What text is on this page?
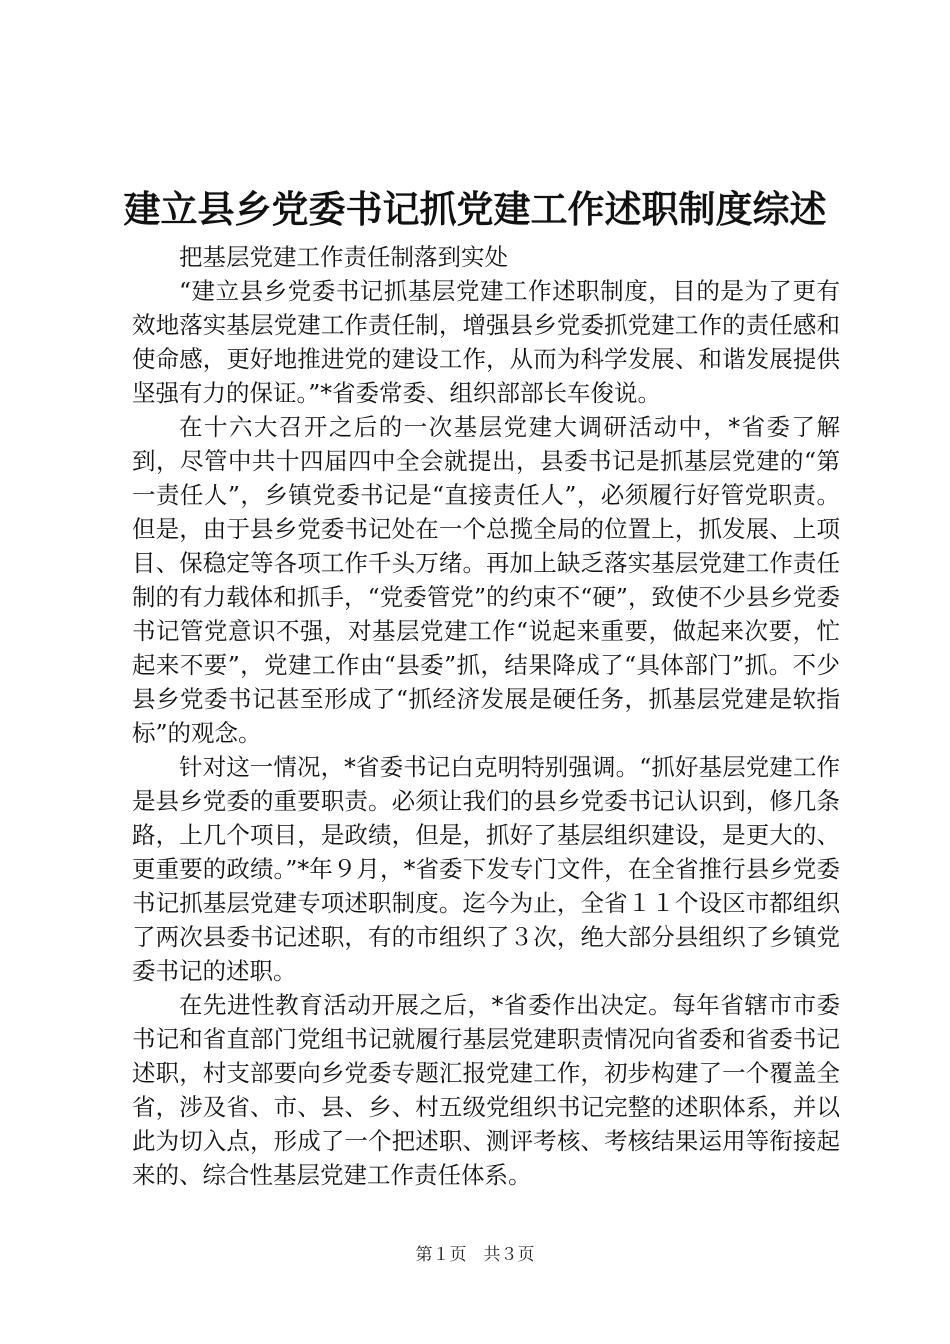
建立县乡党委书记抓党建工作述职制度综述

把基层党建工作责任制落到实处

“建立县乡党委书记抓基层党建工作述职制度，目的是为了更有效地落实基层党建工作责任制，增强县乡党委抓党建工作的责任感和使命感，更好地推进党的建设工作，从而为科学发展、和谐发展提供坚强有力的保证。”*省委常委、组织部部长车俊说。

在十六大召开之后的一次基层党建大调研活动中，*省委了解到，尽管中共十四届四中全会就提出，县委书记是抓基层党建的“第一责任人”，乡镇党委书记是“直接责任人”，必须履行好管党职责。但是，由于县乡党委书记处在一个总揽全局的位置上，抓发展、上项目、保稳定等各项工作千头万绪。再加上缺乏落实基层党建工作责任制的有力载体和抓手，“党委管党”的约束不“硬”，致使不少县乡党委书记管党意识不强，对基层党建工作“说起来重要，做起来次要，忙起来不要”，党建工作由“县委”抓，结果降成了“具体部门”抓。不少县乡党委书记甚至形成了“抓经济发展是硬任务，抓基层党建是软指标”的观念。

针对这一情况，*省委书记白克明特别强调。“抓好基层党建工作是县乡党委的重要职责。必须让我们的县乡党委书记认识到，修几条路，上几个项目，是政绩，但是，抓好了基层组织建设，是更大的、更重要的政绩。”*年９月，*省委下发专门文件，在全省推行县乡党委书记抓基层党建专项述职制度。迄今为止，全省１１个设区市都组织了两次县委书记述职，有的市组织了３次，绝大部分县组织了乡镇党委书记的述职。

在先进性教育活动开展之后，*省委作出决定。每年省辖市市委书记和省直部门党组书记就履行基层党建职责情况向省委和省委书记述职，村支部要向乡党委专题汇报党建工作，初步构建了一个覆盖全省，涉及省、市、县、乡、村五级党组织书记完整的述职体系，并以此为切入点，形成了一个把述职、测评考核、考核结果运用等衔接起来的、综合性基层党建工作责任体系。

第１页　共３页
